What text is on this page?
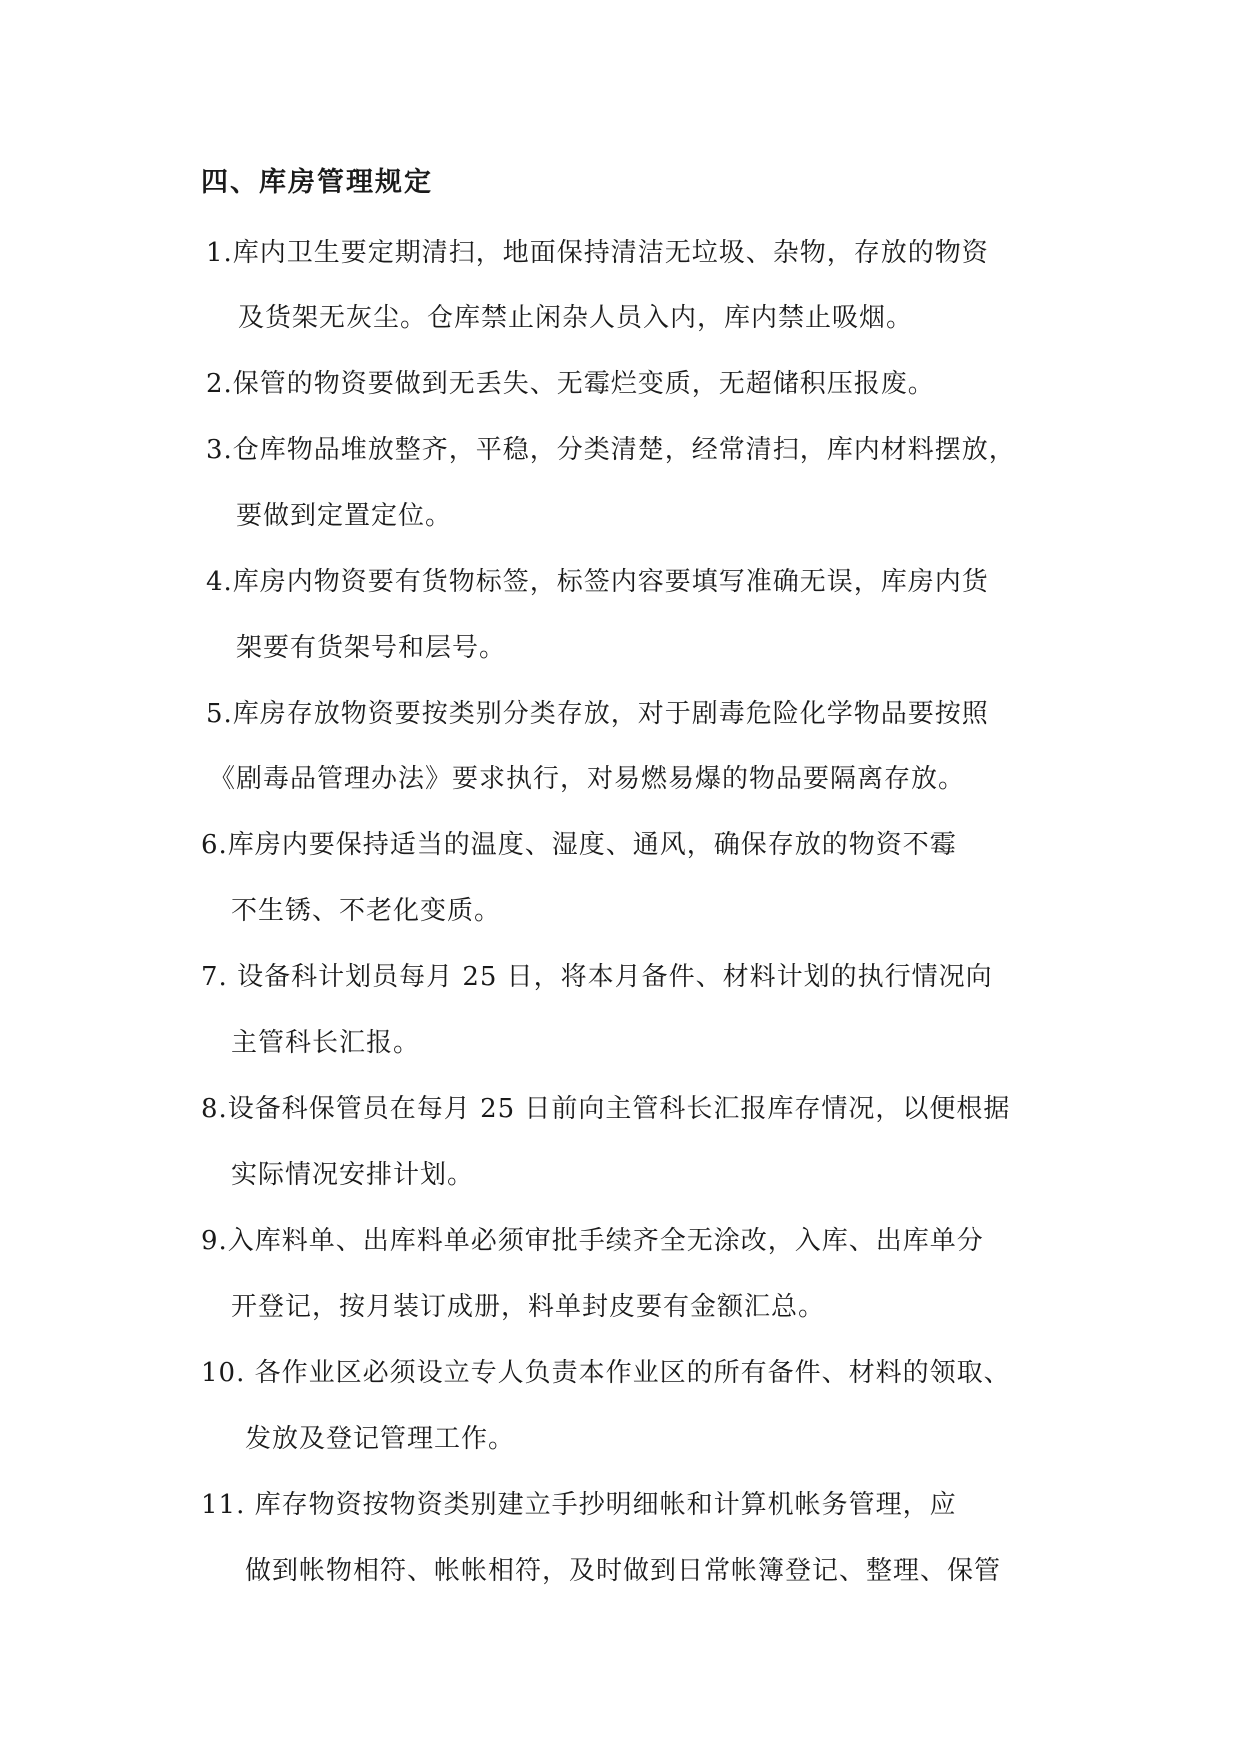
四、库房管理规定
1.库内卫生要定期清扫，地面保持清洁无垃圾、杂物，存放的物资
及货架无灰尘。仓库禁止闲杂人员入内，库内禁止吸烟。
2.保管的物资要做到无丢失、无霉烂变质，无超储积压报废。
3.仓库物品堆放整齐，平稳，分类清楚，经常清扫，库内材料摆放，
要做到定置定位。
4.库房内物资要有货物标签，标签内容要填写准确无误，库房内货
架要有货架号和层号。
5.库房存放物资要按类别分类存放，对于剧毒危险化学物品要按照
《剧毒品管理办法》要求执行，对易燃易爆的物品要隔离存放。
6.库房内要保持适当的温度、湿度、通风，确保存放的物资不霉
不生锈、不老化变质。
7. 设备科计划员每月 25 日，将本月备件、材料计划的执行情况向
主管科长汇报。
8.设备科保管员在每月 25 日前向主管科长汇报库存情况，以便根据
实际情况安排计划。
9.入库料单、出库料单必须审批手续齐全无涂改，入库、出库单分
开登记，按月装订成册，料单封皮要有金额汇总。
10. 各作业区必须设立专人负责本作业区的所有备件、材料的领取、
发放及登记管理工作。
11. 库存物资按物资类别建立手抄明细帐和计算机帐务管理，应
做到帐物相符、帐帐相符，及时做到日常帐簿登记、整理、保管
